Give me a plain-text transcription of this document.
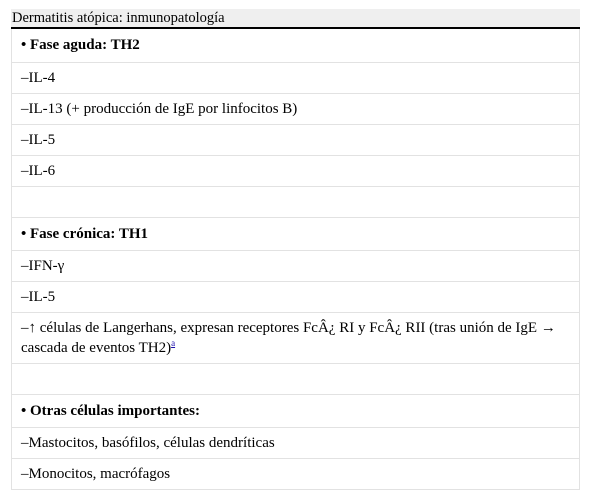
Dermatitis atópica: inmunopatología
• Fase aguda: TH2
–IL-4
–IL-13 (+ producción de IgE por linfocitos B)
–IL-5
–IL-6

• Fase crónica: TH1
–IFN-γ
–IL-5
–↑ células de Langerhans, expresan receptores FcÂ¿ RI y FcÂ¿ RII (tras unión de IgE → cascada de eventos TH2)$^a$

• Otras células importantes:
–Mastocitos, basófilos, células dendríticas
–Monocitos, macrófagos
